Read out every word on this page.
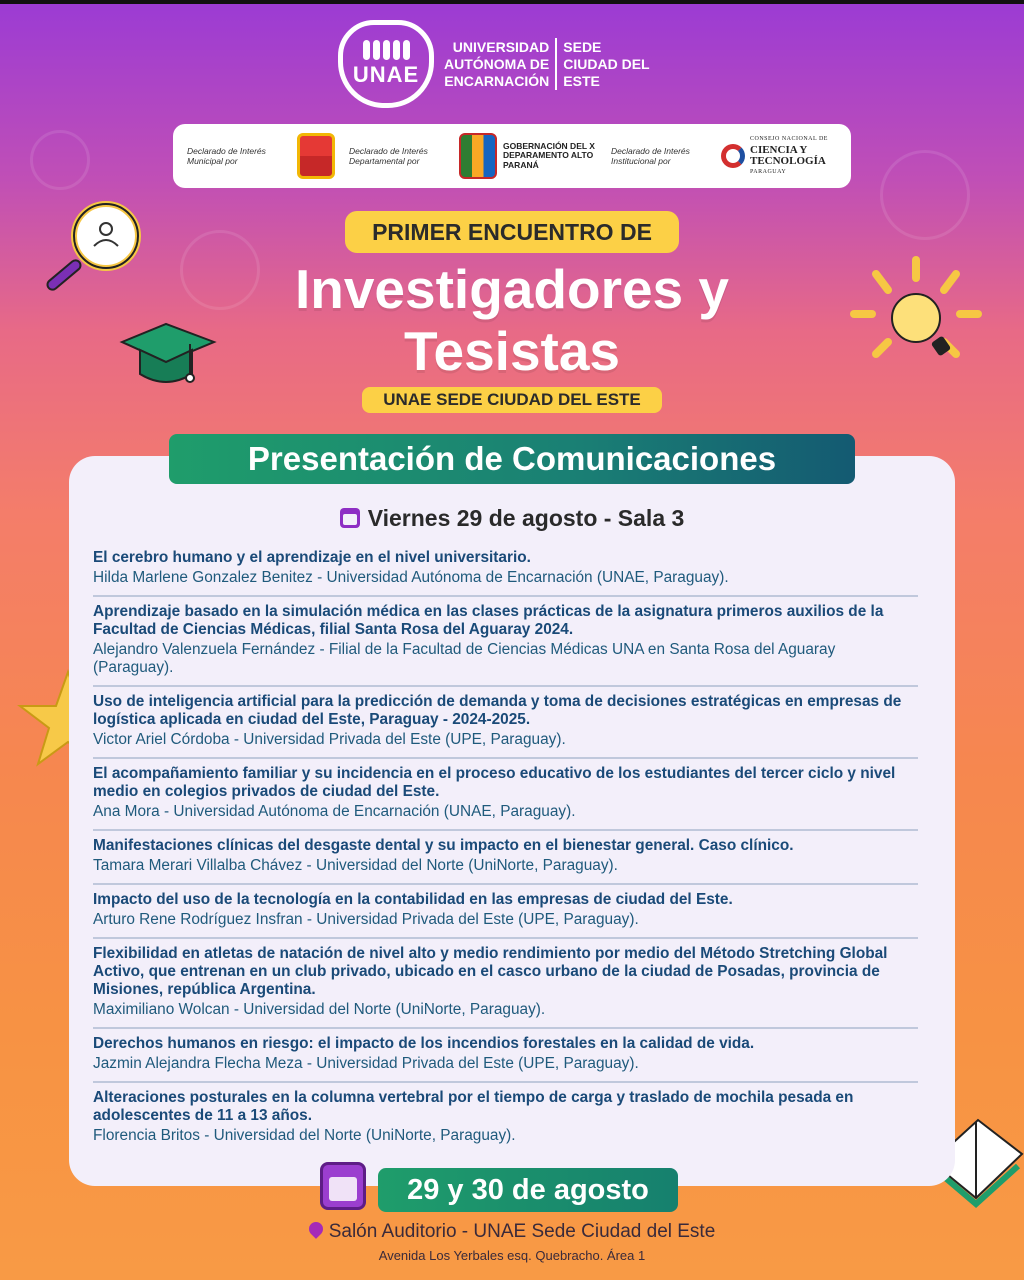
UNAE
UNIVERSIDAD
AUTÓNOMA DE
ENCARNACIÓN
SEDE
CIUDAD DEL
ESTE
Declarado de Interés Municipal por
Declarado de Interés Departamental por
GOBERNACIÓN DEL X DEPARAMENTO ALTO PARANÁ
Declarado de Interés Institucional por
CONSEJO NACIONAL DE
CIENCIA Y
TECNOLOGÍA
PARAGUAY
PRIMER ENCUENTRO DE
Investigadores y
Tesistas
UNAE SEDE CIUDAD DEL ESTE
Presentación de Comunicaciones
Viernes 29 de agosto - Sala 3
El cerebro humano y el aprendizaje en el nivel universitario.
Hilda Marlene Gonzalez Benitez - Universidad Autónoma de Encarnación (UNAE, Paraguay).
Aprendizaje basado en la simulación médica en las clases prácticas de la asignatura primeros auxilios de la Facultad de Ciencias Médicas, filial Santa Rosa del Aguaray 2024.
Alejandro Valenzuela Fernández - Filial de la Facultad de Ciencias Médicas UNA en Santa Rosa del Aguaray (Paraguay).
Uso de inteligencia artificial para la predicción de demanda y toma de decisiones estratégicas en empresas de logística aplicada en ciudad del Este, Paraguay - 2024-2025.
Victor Ariel Córdoba - Universidad Privada del Este (UPE, Paraguay).
El acompañamiento familiar y su incidencia en el proceso educativo de los estudiantes del tercer ciclo y nivel medio en colegios privados de ciudad del Este.
Ana Mora - Universidad Autónoma de Encarnación (UNAE, Paraguay).
Manifestaciones clínicas del desgaste dental y su impacto en el bienestar general. Caso clínico.
Tamara Merari Villalba Chávez - Universidad del Norte (UniNorte, Paraguay).
Impacto del uso de la tecnología en la contabilidad en las empresas de ciudad del Este.
Arturo Rene Rodríguez Insfran - Universidad Privada del Este (UPE, Paraguay).
Flexibilidad en atletas de natación de nivel alto y medio rendimiento por medio del Método Stretching Global Activo, que entrenan en un club privado, ubicado en el casco urbano de la ciudad de Posadas, provincia de Misiones, república Argentina.
Maximiliano Wolcan - Universidad del Norte (UniNorte, Paraguay).
Derechos humanos en riesgo: el impacto de los incendios forestales en la calidad de vida.
Jazmin Alejandra Flecha Meza - Universidad Privada del Este (UPE, Paraguay).
Alteraciones posturales en la columna vertebral por el tiempo de carga y traslado de mochila pesada en adolescentes de 11 a 13 años.
Florencia Britos - Universidad del Norte (UniNorte, Paraguay).
29 y 30 de agosto
Salón Auditorio - UNAE Sede Ciudad del Este
Avenida Los Yerbales esq. Quebracho. Área 1
